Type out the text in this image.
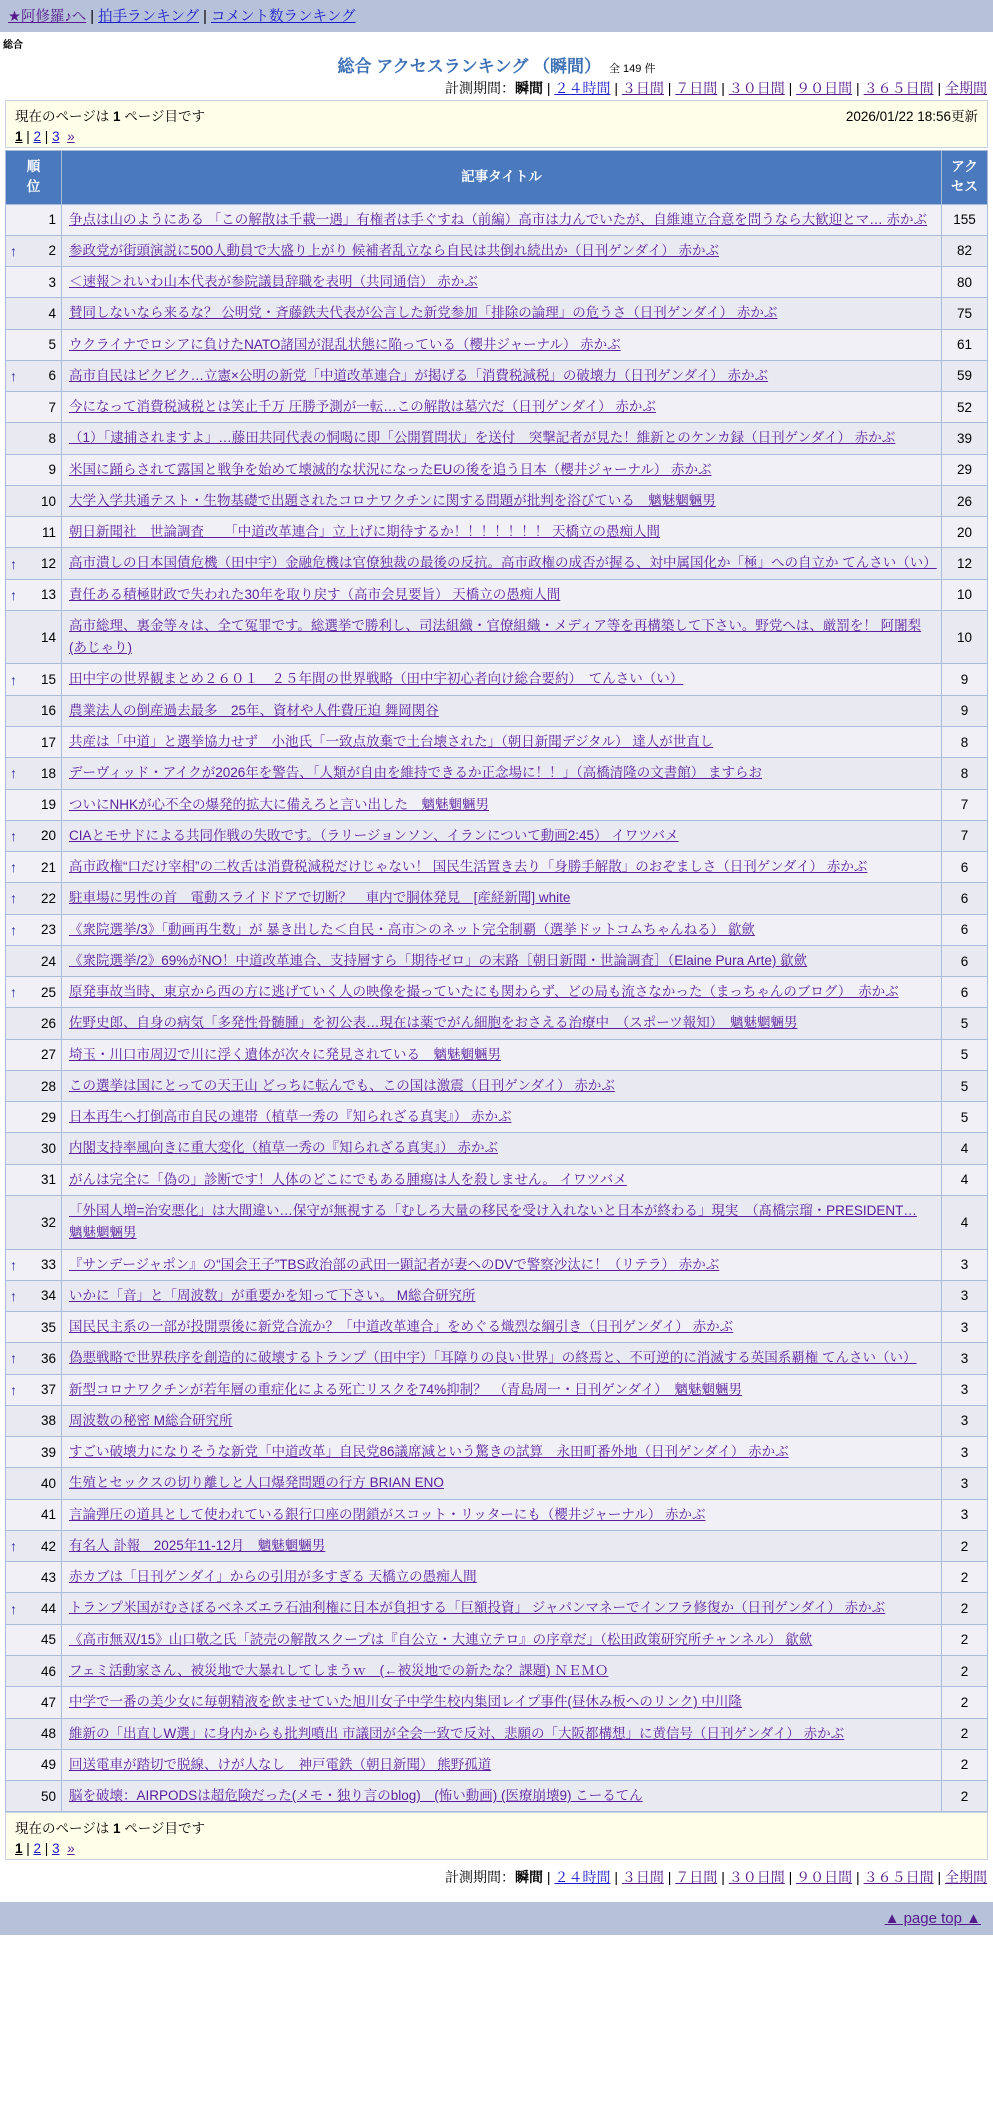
★阿修羅♪へ | 拍手ランキング | コメント数ランキング
総合
総合 アクセスランキング （瞬間） 全 149 件
計測期間：瞬間 | ２４時間 | ３日間 | ７日間 | ３０日間 | ９０日間 | ３６５日間 | 全期間
2026/01/22 18:56更新
現在のページは 1 ページ目です
1 | 2 | 3 »
順位	記事タイトル	アクセス
1	争点は山のようにある 「この解散は千載一遇」有権者は手ぐすね（前編）高市は力んでいたが、自維連立合意を問うなら大歓迎とマ… 赤かぶ	155

↑ 2	参政党が街頭演説に500人動員で大盛り上がり 候補者乱立なら自民は共倒れ続出か（日刊ゲンダイ） 赤かぶ	82
3	＜速報＞れいわ山本代表が参院議員辞職を表明（共同通信） 赤かぶ	80
4	賛同しないなら来るな？ 公明党・斉藤鉄夫代表が公言した新党参加「排除の論理」の危うさ（日刊ゲンダイ） 赤かぶ	75
5	ウクライナでロシアに負けたNATO諸国が混乱状態に陥っている（櫻井ジャーナル） 赤かぶ	61

↑ 6	高市自民はビクビク…立憲×公明の新党「中道改革連合」が掲げる「消費税減税」の破壊力（日刊ゲンダイ） 赤かぶ	59
7	今になって消費税減税とは笑止千万 圧勝予測が一転…この解散は墓穴だ（日刊ゲンダイ） 赤かぶ	52
8	（1）「逮捕されますよ」…藤田共同代表の恫喝に即「公開質問状」を送付　突撃記者が見た！維新とのケンカ録（日刊ゲンダイ） 赤かぶ	39
9	米国に踊らされて露国と戦争を始めて壊滅的な状況になったEUの後を追う日本（櫻井ジャーナル） 赤かぶ	29
10	大学入学共通テスト・生物基礎で出題されたコロナワクチンに関する問題が批判を浴びている　魑魅魍魎男	26
11	朝日新聞社　世論調査　　「中道改革連合」立上げに期待するか！！！！！！！ 天橋立の愚痴人間	20

↑ 12	高市潰しの日本国債危機（田中宇）金融危機は官僚独裁の最後の反抗。高市政権の成否が握る、対中属国化か「極」への自立か てんさい（い）	12

↑ 13	責任ある積極財政で失われた30年を取り戻す（高市会見要旨） 天橋立の愚痴人間	10
14	高市総理、裏金等々は、全て冤罪です。総選挙で勝利し、司法組織・官僚組織・メディア等を再構築して下さい。野党へは、厳罰を！ 阿闍梨(あじゃり)	10

↑ 15	田中宇の世界観まとめ２６０１　２５年間の世界戦略（田中宇初心者向け総合要約）　てんさい（い）	9
16	農業法人の倒産過去最多　25年、資材や人件費圧迫 舞岡関谷	9
17	共産は「中道」と選挙協力せず　小池氏「一致点放棄で土台壊された」（朝日新聞デジタル） 達人が世直し	8

↑ 18	デーヴィッド・アイクが2026年を警告、「人類が自由を維持できるか正念場に！！」（高橋清隆の文書館） ますらお	8
19	ついにNHKが心不全の爆発的拡大に備えろと言い出した　魑魅魍魎男	7

↑ 20	CIAとモサドによる共同作戦の失敗です。（ラリージョンソン、イランについて動画2:45） イワツバメ	7

↑ 21	高市政権“口だけ宰相”の二枚舌は消費税減税だけじゃない！ 国民生活置き去り「身勝手解散」のおぞましさ（日刊ゲンダイ） 赤かぶ	6

↑ 22	駐車場に男性の首　電動スライドドアで切断？　車内で胴体発見　[産経新聞] white	6

↑ 23	《衆院選挙/3》「動画再生数」が 暴き出した＜自民・高市＞のネット完全制覇（選挙ドットコムちゃんねる） 歙歛	6
24	《衆院選挙/2》69%がNO！中道改革連合、支持層すら「期待ゼロ」の末路［朝日新聞・世論調査］（Elaine Pura Arte) 歙歛	6

↑ 25	原発事故当時、東京から西の方に逃げていく人の映像を撮っていたにも関わらず、どの局も流さなかった（まっちゃんのブログ）　赤かぶ	6
26	佐野史郎、自身の病気「多発性骨髄腫」を初公表…現在は薬でがん細胞をおさえる治療中　（スポーツ報知）　魑魅魍魎男	5
27	埼玉・川口市周辺で川に浮く遺体が次々に発見されている　魑魅魍魎男	5
28	この選挙は国にとっての天王山 どっちに転んでも、この国は激震（日刊ゲンダイ） 赤かぶ	5
29	日本再生へ打倒高市自民の連帯（植草一秀の『知られざる真実』） 赤かぶ	5
30	内閣支持率風向きに重大変化（植草一秀の『知られざる真実』） 赤かぶ	4
31	がんは完全に「偽の」診断です！人体のどこにでもある腫瘍は人を殺しません。 イワツバメ	4
32	「外国人増=治安悪化」は大間違い…保守が無視する「むしろ大量の移民を受け入れないと日本が終わる」現実　（髙橋宗瑠・PRESIDENT… 魑魅魍魎男	4

↑ 33	『サンデージャポン』の“国会王子”TBS政治部の武田一顕記者が妻へのDVで警察沙汰に！（リテラ） 赤かぶ	3

↑ 34	いかに「音」と「周波数」が重要かを知って下さい。 M総合研究所	3
35	国民民主系の一部が投開票後に新党合流か？「中道改革連合」をめぐる熾烈な綱引き（日刊ゲンダイ） 赤かぶ	3

↑ 36	偽悪戦略で世界秩序を創造的に破壊するトランプ（田中宇）「耳障りの良い世界」の終焉と、不可逆的に消滅する英国系覇権 てんさい（い）	3

↑ 37	新型コロナワクチンが若年層の重症化による死亡リスクを74%抑制？　（青島周一・日刊ゲンダイ）　魑魅魍魎男	3
38	周波数の秘密 M総合研究所	3
39	すごい破壊力になりそうな新党「中道改革」自民党86議席減という驚きの試算　永田町番外地（日刊ゲンダイ） 赤かぶ	3
40	生殖とセックスの切り離しと人口爆発問題の行方 BRIAN ENO	3
41	言論弾圧の道具として使われている銀行口座の閉鎖がスコット・リッターにも（櫻井ジャーナル） 赤かぶ	3

↑ 42	有名人 訃報　2025年11-12月　魑魅魍魎男	2
43	赤カブは「日刊ゲンダイ」からの引用が多すぎる 天橋立の愚痴人間	2

↑ 44	トランプ米国がむさぼるベネズエラ石油利権に日本が負担する「巨額投資」 ジャパンマネーでインフラ修復か（日刊ゲンダイ） 赤かぶ	2
45	《高市無双/15》山口敬之氏「読売の解散スクープは『自公立・大連立テロ』の序章だ」（松田政策研究所チャンネル） 歙歛	2
46	フェミ活動家さん、被災地で大暴れしてしまうｗ　(←被災地での新たな？課題) ＮＥＭＯ	2
47	中学で一番の美少女に毎朝精液を飲ませていた旭川女子中学生校内集団レイプ事件(昼休み板へのリンク) 中川隆	2
48	維新の「出直しW選」に身内からも批判噴出 市議団が全会一致で反対、悲願の「大阪都構想」に黄信号（日刊ゲンダイ） 赤かぶ	2
49	回送電車が踏切で脱線、けが人なし　神戸電鉄（朝日新聞） 熊野孤道	2
50	脳を破壊：AIRPODSは超危険だった(メモ・独り言のblog)　(怖い動画) (医療崩壊9) こーるてん	2
現在のページは 1 ページ目です
1 | 2 | 3 »
計測期間：瞬間 | ２４時間 | ３日間 | ７日間 | ３０日間 | ９０日間 | ３６５日間 | 全期間
▲ page top ▲
